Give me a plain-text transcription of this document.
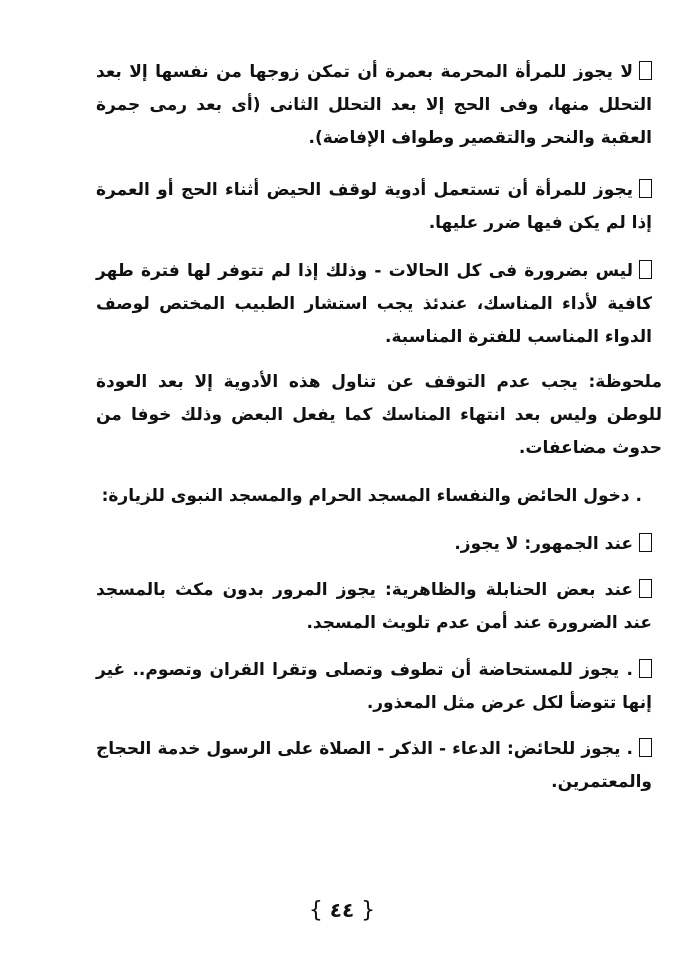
لا يجوز للمرأة المحرمة بعمرة أن تمكن زوجها من نفسها إلا بعد التحلل منها، وفى الحج إلا بعد التحلل الثانى (أى بعد رمى جمرة العقبة والنحر والتقصير وطواف الإفاضة).
يجوز للمرأة أن تستعمل أدوية لوقف الحيض أثناء الحج أو العمرة إذا لم يكن فيها ضرر عليها.
ليس بضرورة فى كل الحالات - وذلك إذا لم تتوفر لها فترة طهر كافية لأداء المناسك، عندئذ يجب استشار الطبيب المختص لوصف الدواء المناسب للفترة المناسبة.
ملحوظة: يجب عدم التوقف عن تناول هذه الأدوية إلا بعد العودة للوطن وليس بعد انتهاء المناسك كما يفعل البعض وذلك خوفا من حدوث مضاعفات.
. دخول الحائض والنفساء المسجد الحرام والمسجد النبوى للزيارة:
عند الجمهور: لا يجوز.
عند بعض الحنابلة والظاهرية: يجوز المرور بدون مكث بالمسجد عند الضرورة عند أمن عدم تلويث المسجد.
. يجوز للمستحاضة أن تطوف وتصلى وتقرا القران وتصوم.. غير إنها تتوضأ لكل عرض مثل المعذور.
. يجوز للحائض: الدعاء - الذكر - الصلاة على الرسول خدمة الحجاج والمعتمرين.
{ ٤٤ }
